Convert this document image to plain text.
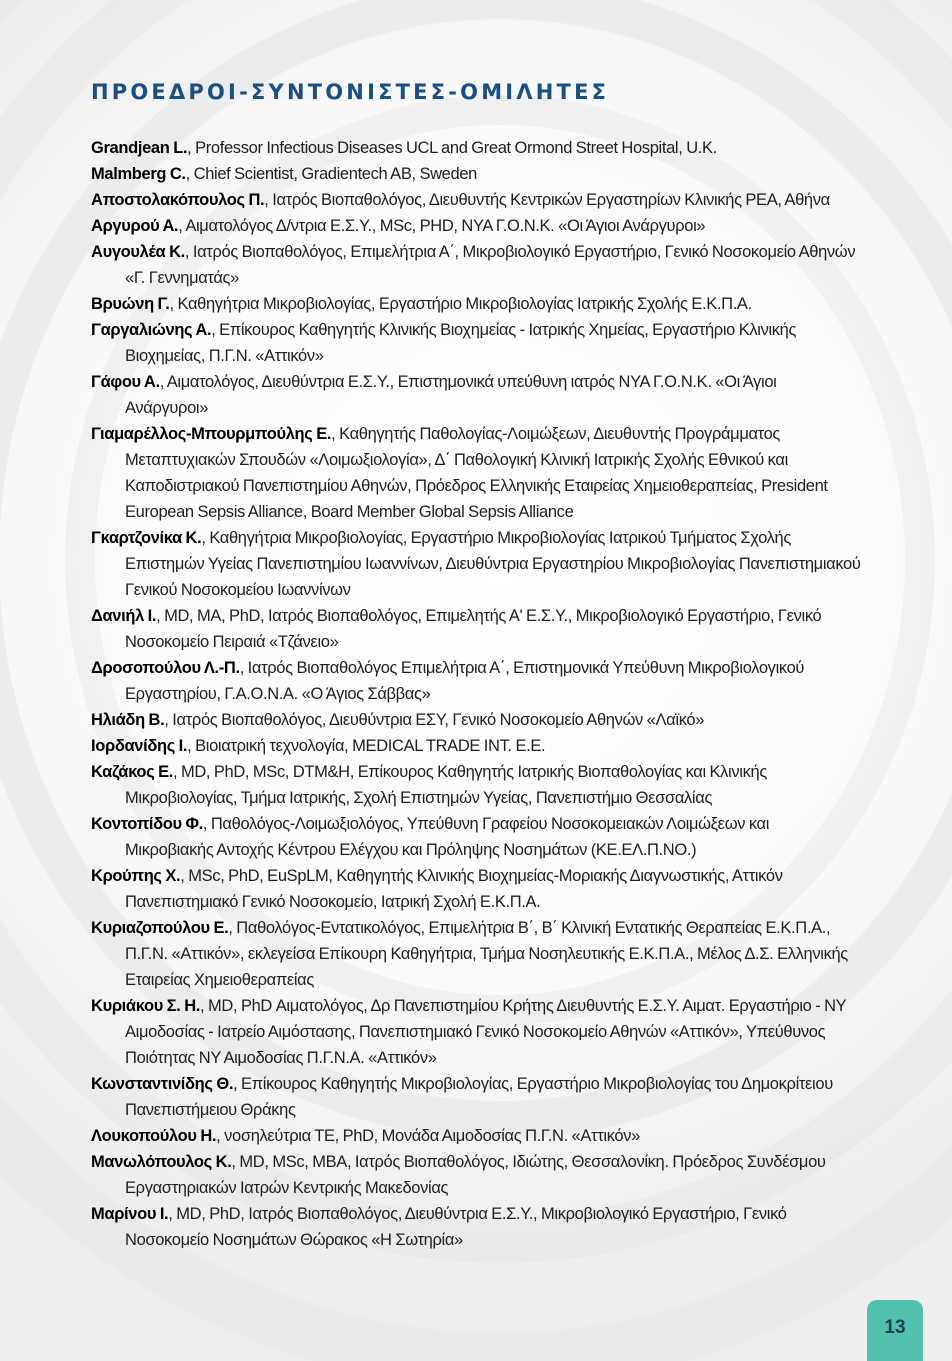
ΠΡΟΕΔΡΟΙ-ΣΥΝΤΟΝΙΣΤΕΣ-ΟΜΙΛΗΤΕΣ
Grandjean L., Professor Infectious Diseases UCL and Great Ormond Street Hospital, U.K.
Malmberg C., Chief Scientist, Gradientech AB, Sweden
Αποστολακόπουλος Π., Ιατρός Βιοπαθολόγος, Διευθυντής Κεντρικών Εργαστηρίων Κλινικής ΡΕΑ, Αθήνα
Αργυρού Α., Αιματολόγος Δ/ντρια Ε.Σ.Υ., MSc, PHD, NYA Γ.Ο.Ν.Κ. «Οι Άγιοι Ανάργυροι»
Αυγουλέα Κ., Ιατρός Βιοπαθολόγος, Επιμελήτρια Α΄, Μικροβιολογικό Εργαστήριο, Γενικό Νοσοκομείο Αθηνών «Γ. Γεννηματάς»
Βρυώνη Γ., Καθηγήτρια Μικροβιολογίας, Εργαστήριο Μικροβιολογίας Ιατρικής Σχολής Ε.Κ.Π.Α.
Γαργαλιώνης Α., Επίκουρος Καθηγητής Κλινικής Βιοχημείας - Ιατρικής Χημείας, Εργαστήριο Κλινικής Βιοχημείας, Π.Γ.Ν. «Αττικόν»
Γάφου Α., Αιματολόγος, Διευθύντρια Ε.Σ.Υ., Επιστημονικά υπεύθυνη ιατρός NYA Γ.Ο.Ν.Κ. «Οι Άγιοι Ανάργυροι»
Γιαμαρέλλος-Μπουρμπούλης Ε., Καθηγητής Παθολογίας-Λοιμώξεων, Διευθυντής Προγράμματος Μεταπτυχιακών Σπουδών «Λοιμωξιολογία», Δ΄ Παθολογική Κλινική Ιατρικής Σχολής Εθνικού και Καποδιστριακού Πανεπιστημίου Αθηνών, Πρόεδρος Ελληνικής Εταιρείας Χημειοθεραπείας, President European Sepsis Alliance, Board Member Global Sepsis Alliance
Γκαρτζονίκα Κ., Καθηγήτρια Μικροβιολογίας, Εργαστήριο Μικροβιολογίας Ιατρικού Τμήματος Σχολής Επιστημών Υγείας Πανεπιστημίου Ιωαννίνων, Διευθύντρια Εργαστηρίου Μικροβιολογίας Πανεπιστημιακού Γενικού Νοσοκομείου Ιωαννίνων
Δανιήλ Ι., MD, MA, PhD, Ιατρός Βιοπαθολόγος, Επιμελητής Α' Ε.Σ.Υ., Μικροβιολογικό Εργαστήριο, Γενικό Νοσοκομείο Πειραιά «Τζάνειο»
Δροσοπούλου Λ.-Π., Ιατρός Βιοπαθολόγος Επιμελήτρια Α΄, Επιστημονικά Υπεύθυνη Μικροβιολογικού Εργαστηρίου, Γ.Α.Ο.Ν.Α. «Ο Άγιος Σάββας»
Ηλιάδη Β., Ιατρός Βιοπαθολόγος, Διευθύντρια ΕΣΥ, Γενικό Νοσοκομείο Αθηνών «Λαϊκό»
Ιορδανίδης Ι., Βιοιατρική τεχνολογία, MEDICAL TRADE INT. E.E.
Καζάκος Ε., MD, PhD, MSc, DTM&H, Επίκουρος Καθηγητής Ιατρικής Βιοπαθολογίας και Κλινικής Μικροβιολογίας, Τμήμα Ιατρικής, Σχολή Επιστημών Υγείας, Πανεπιστήμιο Θεσσαλίας
Κοντοπίδου Φ., Παθολόγος-Λοιμωξιολόγος, Υπεύθυνη Γραφείου Νοσοκομειακών Λοιμώξεων και Μικροβιακής Αντοχής Κέντρου Ελέγχου και Πρόληψης Νοσημάτων (ΚΕ.ΕΛ.Π.ΝΟ.)
Κρούπης Χ., MSc, PhD, EuSpLM, Καθηγητής Κλινικής Βιοχημείας-Μοριακής Διαγνωστικής, Αττικόν Πανεπιστημιακό Γενικό Νοσοκομείο, Ιατρική Σχολή Ε.Κ.Π.Α.
Κυριαζοπούλου Ε., Παθολόγος-Εντατικολόγος, Επιμελήτρια Β΄, Β΄ Κλινική Εντατικής Θεραπείας Ε.Κ.Π.Α., Π.Γ.Ν. «Αττικόν», εκλεγείσα Επίκουρη Καθηγήτρια, Τμήμα Νοσηλευτικής Ε.Κ.Π.Α., Μέλος Δ.Σ. Ελληνικής Εταιρείας Χημειοθεραπείας
Κυριάκου Σ. Η., MD, PhD Αιματολόγος, Δρ Πανεπιστημίου Κρήτης Διευθυντής Ε.Σ.Υ. Αιματ. Εργαστήριο - ΝΥ Αιμοδοσίας - Ιατρείο Αιμόστασης, Πανεπιστημιακό Γενικό Νοσοκομείο Αθηνών «Αττικόν», Υπεύθυνος Ποιότητας ΝΥ Αιμοδοσίας Π.Γ.Ν.Α. «Αττικόν»
Κωνσταντινίδης Θ., Επίκουρος Καθηγητής Μικροβιολογίας, Εργαστήριο Μικροβιολογίας του Δημοκρίτειου Πανεπιστήμειου Θράκης
Λουκοπούλου Η., νοσηλεύτρια ΤΕ, PhD, Μονάδα Αιμοδοσίας Π.Γ.Ν. «Αττικόν»
Μανωλόπουλος Κ., MD, MSc, MBA, Ιατρός Βιοπαθολόγος, Ιδιώτης, Θεσσαλονίκη. Πρόεδρος Συνδέσμου Εργαστηριακών Ιατρών Κεντρικής Μακεδονίας
Μαρίνου Ι., MD, PhD, Ιατρός Βιοπαθολόγος, Διευθύντρια Ε.Σ.Υ., Μικροβιολογικό Εργαστήριο, Γενικό Νοσοκομείο Νοσημάτων Θώρακος «Η Σωτηρία»
13
